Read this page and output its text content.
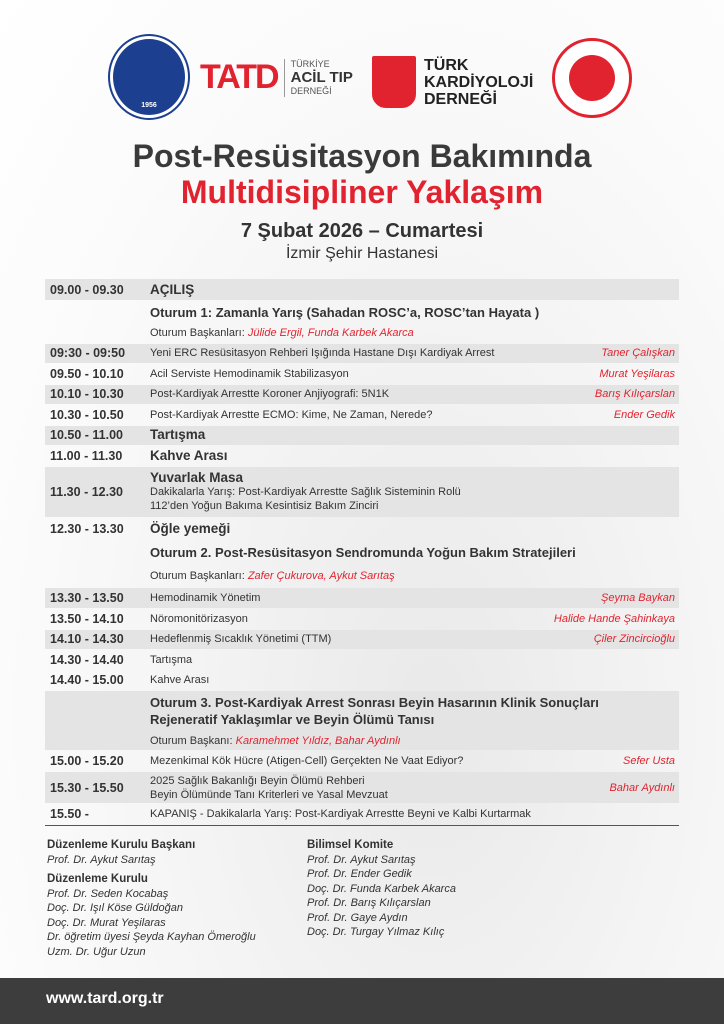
1956
TATD	TÜRKİYE
ACİL TIP
DERNEĞİ
TÜRK
KARDİYOLOJİ
DERNEĞİ
Post-Resüsitasyon Bakımında
Multidisipliner Yaklaşım
7 Şubat 2026 – Cumartesi
İzmir Şehir Hastanesi
09.00 - 09.30	AÇILIŞ
Oturum 1: Zamanla Yarış (Sahadan ROSC’a, ROSC’tan Hayata )
Oturum Başkanları: Jülide Ergil, Funda Karbek Akarca
09:30 - 09:50	Yeni ERC Resüsitasyon Rehberi Işığında Hastane Dışı Kardiyak Arrest	Taner Çalışkan
09.50 - 10.10	Acil Serviste Hemodinamik Stabilizasyon	Murat Yeşilaras
10.10 - 10.30	Post-Kardiyak Arrestte Koroner Anjiyografi: 5N1K	Barış Kılıçarslan
10.30 - 10.50	Post-Kardiyak Arrestte ECMO: Kime, Ne Zaman, Nerede?	Ender Gedik
10.50 - 11.00	Tartışma
11.00 - 11.30	Kahve Arası
11.30 - 12.30
Yuvarlak Masa
Dakikalarla Yarış: Post-Kardiyak Arrestte Sağlık Sisteminin Rolü
112’den Yoğun Bakıma Kesintisiz Bakım Zinciri
12.30 - 13.30	Öğle yemeği
Oturum 2. Post-Resüsitasyon Sendromunda Yoğun Bakım Stratejileri
Oturum Başkanları: Zafer Çukurova, Aykut Sarıtaş
13.30 - 13.50	Hemodinamik Yönetim	Şeyma Baykan
13.50 - 14.10	Nöromonitörizasyon	Halide Hande Şahinkaya
14.10 - 14.30	Hedeflenmiş Sıcaklık Yönetimi (TTM)	Çiler Zincircioğlu
14.30 - 14.40	Tartışma
14.40 - 15.00	Kahve Arası
Oturum 3. Post-Kardiyak Arrest Sonrası Beyin Hasarının Klinik Sonuçları
Rejeneratif Yaklaşımlar ve Beyin Ölümü Tanısı
Oturum Başkanı: Karamehmet Yıldız, Bahar Aydınlı
15.00 - 15.20	Mezenkimal Kök Hücre (Atigen-Cell) Gerçekten Ne Vaat Ediyor?	Sefer Usta
15.30 - 15.50	2025 Sağlık Bakanlığı Beyin Ölümü Rehberi
Beyin Ölümünde Tanı Kriterleri ve Yasal Mevzuat
Bahar Aydınlı
15.50 -	KAPANIŞ - Dakikalarla Yarış: Post-Kardiyak Arrestte Beyni ve Kalbi Kurtarmak
Düzenleme Kurulu Başkanı
Prof. Dr. Aykut Sarıtaş
Düzenleme Kurulu
Prof. Dr. Seden Kocabaş
Doç. Dr. Işıl Köse Güldoğan
Doç. Dr. Murat Yeşilaras
Dr. öğretim üyesi Şeyda Kayhan Ömeroğlu
Uzm. Dr. Uğur Uzun
Bilimsel Komite
Prof. Dr. Aykut Sarıtaş
Prof. Dr. Ender Gedik
Doç. Dr. Funda Karbek Akarca
Prof. Dr. Barış Kılıçarslan
Prof. Dr. Gaye Aydın
Doç. Dr. Turgay Yılmaz Kılıç
www.tard.org.tr
